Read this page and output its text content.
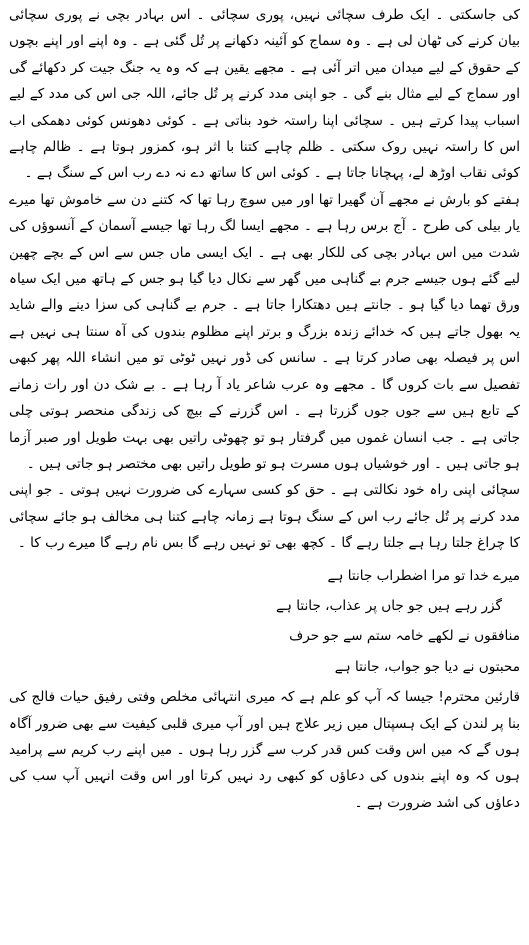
کی جاسکتی ۔ ایک طرف سچائی نہیں، پوری سچائی ۔ اس بہادر بچی نے پوری سچائی بیان کرنے کی ٹھان لی ہے ۔ وہ سماج کو آئینہ دکھانے پر تُل گئی ہے ۔ وہ اپنے اور اپنے بچوں کے حقوق کے لیے میدان میں اتر آئی ہے ۔ مجھے یقین ہے کہ وہ یہ جنگ جیت کر دکھائے گی اور سماج کے لیے مثال بنے گی ۔ جو اپنی مدد کرنے پر تُل جائے، اللہ جی اس کی مدد کے لیے اسباب پیدا کرتے ہیں ۔ سچائی اپنا راستہ خود بناتی ہے ۔ کوئی دھونس کوئی دھمکی اب اس کا راستہ نہیں روک سکتی ۔ ظلم چاہے کتنا با اثر ہو، کمزور ہوتا ہے ۔ ظالم چاہے کوئی نقاب اوڑھ لے، پہچانا جاتا ہے ۔ کوئی اس کا ساتھ دے نہ دے رب اس کے سنگ ہے ۔

ہفتے کو بارش نے مجھے آن گھیرا تھا اور میں سوچ رہا تھا کہ کتنے دن سے خاموش تھا میرے یار بیلی کی طرح ۔ آج برس رہا ہے ۔ مجھے ایسا لگ رہا تھا جیسے آسمان کے آنسوؤں کی شدت میں اس بہادر بچی کی للکار بھی ہے ۔ ایک ایسی ماں جس سے اس کے بچے چھین لیے گئے ہوں جیسے جرم بے گناہی میں گھر سے نکال دیا گیا ہو جس کے ہاتھ میں ایک سیاہ ورق تھما دیا گیا ہو ۔ جانتے ہیں دھتکارا جاتا ہے ۔ جرم بے گناہی کی سزا دینے والے شاید یہ بھول جاتے ہیں کہ خدائے زندہ بزرگ و برتر اپنے مظلوم بندوں کی آہ سنتا ہی نہیں ہے اس پر فیصلہ بھی صادر کرتا ہے ۔ سانس کی ڈور نہیں ٹوٹی تو میں انشاء اللہ پھر کبھی تفصیل سے بات کروں گا ۔ مجھے وہ عرب شاعر یاد آ رہا ہے ۔ بے شک دن اور رات زمانے کے تابع ہیں سے جوں جوں گزرتا ہے ۔ اس گزرنے کے بیچ کی زندگی منحصر ہوتی چلی جاتی ہے ۔ جب انسان غموں میں گرفتار ہو تو چھوٹی راتیں بھی بہت طویل اور صبر آزما ہو جاتی ہیں ۔ اور خوشیاں ہوں مسرت ہو تو طویل راتیں بھی مختصر ہو جاتی ہیں ۔

سچائی اپنی راہ خود نکالتی ہے ۔ حق کو کسی سہارے کی ضرورت نہیں ہوتی ۔ جو اپنی مدد کرنے پر تُل جائے رب اس کے سنگ ہوتا ہے زمانہ چاہے کتنا ہی مخالف ہو جائے سچائی کا چراغ جلتا رہا ہے جلتا رہے گا ۔ کچھ بھی تو نہیں رہے گا بس نام رہے گا میرے رب کا ۔

میرے خدا تو مرا اضطراب جانتا ہے
گزر رہے ہیں جو جاں پر عذاب، جانتا ہے
منافقوں نے لکھے خامہ ستم سے جو حرف
محبتوں نے دیا جو جواب، جانتا ہے

قارئین محترم! جیسا کہ آپ کو علم ہے کہ میری انتہائی مخلص وفتی رفیق حیات فالج کی بنا پر لندن کے ایک ہسپتال میں زیر علاج ہیں اور آپ میری قلبی کیفیت سے بھی ضرور آگاہ ہوں گے کہ میں اس وقت کس قدر کرب سے گزر رہا ہوں ۔ میں اپنے رب کریم سے پرامید ہوں کہ وہ اپنے بندوں کی دعاؤں کو کبھی رد نہیں کرتا اور اس وقت انہیں آپ سب کی دعاؤں کی اشد ضرورت ہے ۔
